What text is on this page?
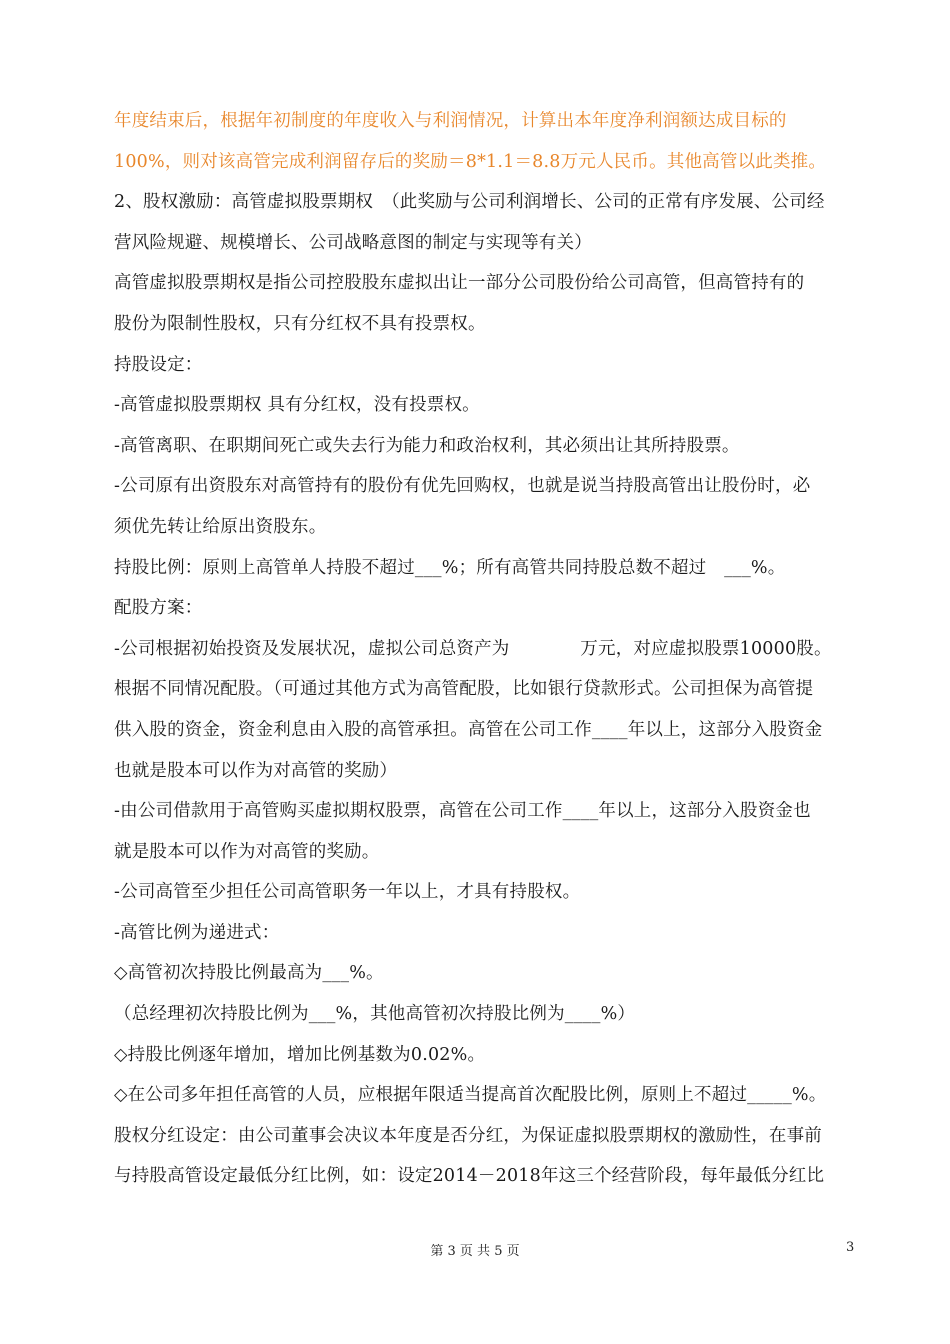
年度结束后，根据年初制度的年度收入与利润情况，计算出本年度净利润额达成目标的
100%，则对该高管完成利润留存后的奖励＝8*1.1＝8.8万元人民币。其他高管以此类推。
2、股权激励：高管虚拟股票期权　（此奖励与公司利润增长、公司的正常有序发展、公司经
营风险规避、规模增长、公司战略意图的制定与实现等有关）
高管虚拟股票期权是指公司控股股东虚拟出让一部分公司股份给公司高管，但高管持有的
股份为限制性股权，只有分红权不具有投票权。
持股设定：
-高管虚拟股票期权 具有分红权，没有投票权。
-高管离职、在职期间死亡或失去行为能力和政治权利，其必须出让其所持股票。
-公司原有出资股东对高管持有的股份有优先回购权，也就是说当持股高管出让股份时，必
须优先转让给原出资股东。
持股比例：原则上高管单人持股不超过___%；所有高管共同持股总数不超过　___%。
配股方案：
-公司根据初始投资及发展状况，虚拟公司总资产为　　　　万元，对应虚拟股票10000股。
根据不同情况配股。（可通过其他方式为高管配股，比如银行贷款形式。公司担保为高管提
供入股的资金，资金利息由入股的高管承担。高管在公司工作____年以上，这部分入股资金
也就是股本可以作为对高管的奖励）
-由公司借款用于高管购买虚拟期权股票，高管在公司工作____年以上，这部分入股资金也
就是股本可以作为对高管的奖励。
-公司高管至少担任公司高管职务一年以上，才具有持股权。
-高管比例为递进式：
◇高管初次持股比例最高为___%。
（总经理初次持股比例为___%，其他高管初次持股比例为____%）
◇持股比例逐年增加，增加比例基数为0.02%。
◇在公司多年担任高管的人员，应根据年限适当提高首次配股比例，原则上不超过_____%。
股权分红设定：由公司董事会决议本年度是否分红，为保证虚拟股票期权的激励性，在事前
与持股高管设定最低分红比例，如：设定2014－2018年这三个经营阶段，每年最低分红比
第 3 页 共 5 页	3
